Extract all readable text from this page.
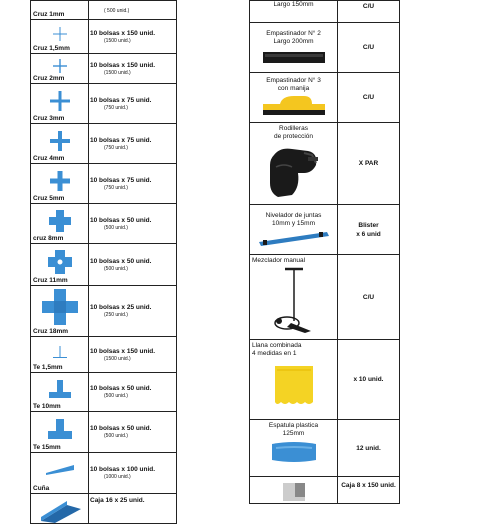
Cruz 1mm	( 500 unid.)

Cruz 1,5mm	10 bolsas x 150 unid.
(1500 unid.)

Cruz 2mm	10 bolsas x 150 unid.
(1500 unid.)

Cruz 3mm	10 bolsas x 75 unid.
(750 unid.)

Cruz 4mm	10 bolsas x 75 unid.
(750 unid.)

Cruz 5mm	10 bolsas x 75 unid.
(750 unid.)

cruz 8mm	10 bolsas x 50 unid.
(500 unid.)

Cruz 11mm	10 bolsas x 50 unid.
(500 unid.)

Cruz 18mm	10 bolsas x 25 unid.
(250 unid.)

Te 1,5mm	10 bolsas x 150 unid.
(1500 unid.)

Te 10mm	10 bolsas x 50 unid.
(500 unid.)

Te 15mm	10 bolsas x 50 unid.
(500 unid.)

Cuña	10 bolsas x 100 unid.
(1000 unid.)

Caja 16 x 25 unid.
Largo 150mm	C/U

Empastinador N° 2
Largo 200mm	C/U

Empastinador N° 3
con manija	C/U

Rodilleras
de protección	X PAR

Nivelador de juntas
10mm y 15mm	Blister
x 6 unid

Mezclador manual	C/U

Llana combinada
4 medidas en 1	x 10 unid.

Espatula plastica
125mm	12 unid.

	Caja 8 x 150 unid.
